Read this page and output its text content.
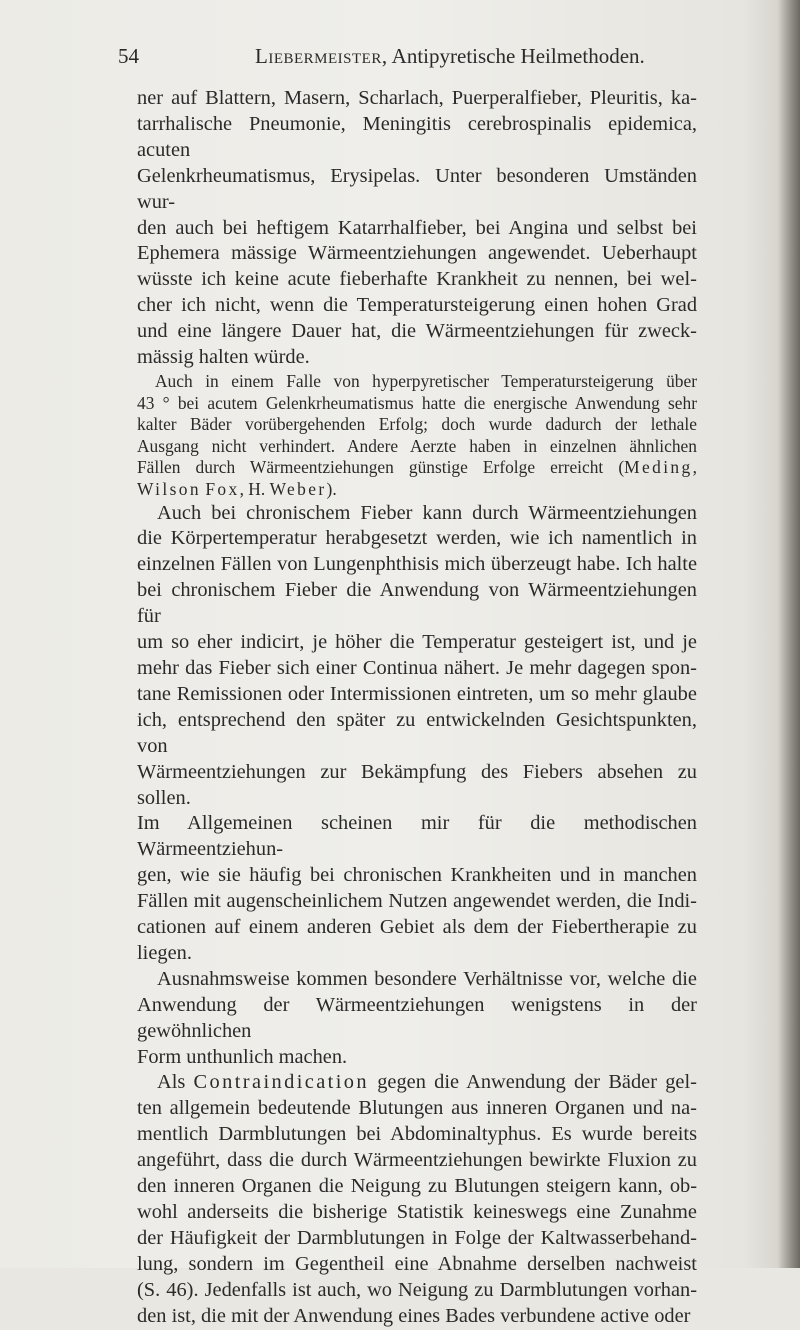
54	Liebermeister, Antipyretische Heilmethoden.

ner auf Blattern, Masern, Scharlach, Puerperalfieber, Pleuritis, ka-

tarrhalische Pneumonie, Meningitis cerebrospinalis epidemica, acuten

Gelenkrheumatismus, Erysipelas. Unter besonderen Umständen wur-

den auch bei heftigem Katarrhalfieber, bei Angina und selbst bei

Ephemera mässige Wärmeentziehungen angewendet. Ueberhaupt

wüsste ich keine acute fieberhafte Krankheit zu nennen, bei wel-

cher ich nicht, wenn die Temperatursteigerung einen hohen Grad

und eine längere Dauer hat, die Wärmeentziehungen für zweck-

mässig halten würde.

Auch in einem Falle von hyperpyretischer Temperatursteigerung über

43 ° bei acutem Gelenkrheumatismus hatte die energische Anwendung sehr

kalter Bäder vorübergehenden Erfolg; doch wurde dadurch der lethale

Ausgang nicht verhindert. Andere Aerzte haben in einzelnen ähnlichen

Fällen durch Wärmeentziehungen günstige Erfolge erreicht (Meding,

Wilson Fox, H. Weber).

Auch bei chronischem Fieber kann durch Wärmeentziehungen

die Körpertemperatur herabgesetzt werden, wie ich namentlich in

einzelnen Fällen von Lungenphthisis mich überzeugt habe. Ich halte

bei chronischem Fieber die Anwendung von Wärmeentziehungen für

um so eher indicirt, je höher die Temperatur gesteigert ist, und je

mehr das Fieber sich einer Continua nähert. Je mehr dagegen spon-

tane Remissionen oder Intermissionen eintreten, um so mehr glaube

ich, entsprechend den später zu entwickelnden Gesichtspunkten, von

Wärmeentziehungen zur Bekämpfung des Fiebers absehen zu sollen.

Im Allgemeinen scheinen mir für die methodischen Wärmeentziehun-

gen, wie sie häufig bei chronischen Krankheiten und in manchen

Fällen mit augenscheinlichem Nutzen angewendet werden, die Indi-

cationen auf einem anderen Gebiet als dem der Fiebertherapie zu

liegen.

Ausnahmsweise kommen besondere Verhältnisse vor, welche die

Anwendung der Wärmeentziehungen wenigstens in der gewöhnlichen

Form unthunlich machen.

Als Contraindication gegen die Anwendung der Bäder gel-

ten allgemein bedeutende Blutungen aus inneren Organen und na-

mentlich Darmblutungen bei Abdominaltyphus. Es wurde bereits

angeführt, dass die durch Wärmeentziehungen bewirkte Fluxion zu

den inneren Organen die Neigung zu Blutungen steigern kann, ob-

wohl anderseits die bisherige Statistik keineswegs eine Zunahme

der Häufigkeit der Darmblutungen in Folge der Kaltwasserbehand-

lung, sondern im Gegentheil eine Abnahme derselben nachweist

(S. 46). Jedenfalls ist auch, wo Neigung zu Darmblutungen vorhan-

den ist, die mit der Anwendung eines Bades verbundene active oder
